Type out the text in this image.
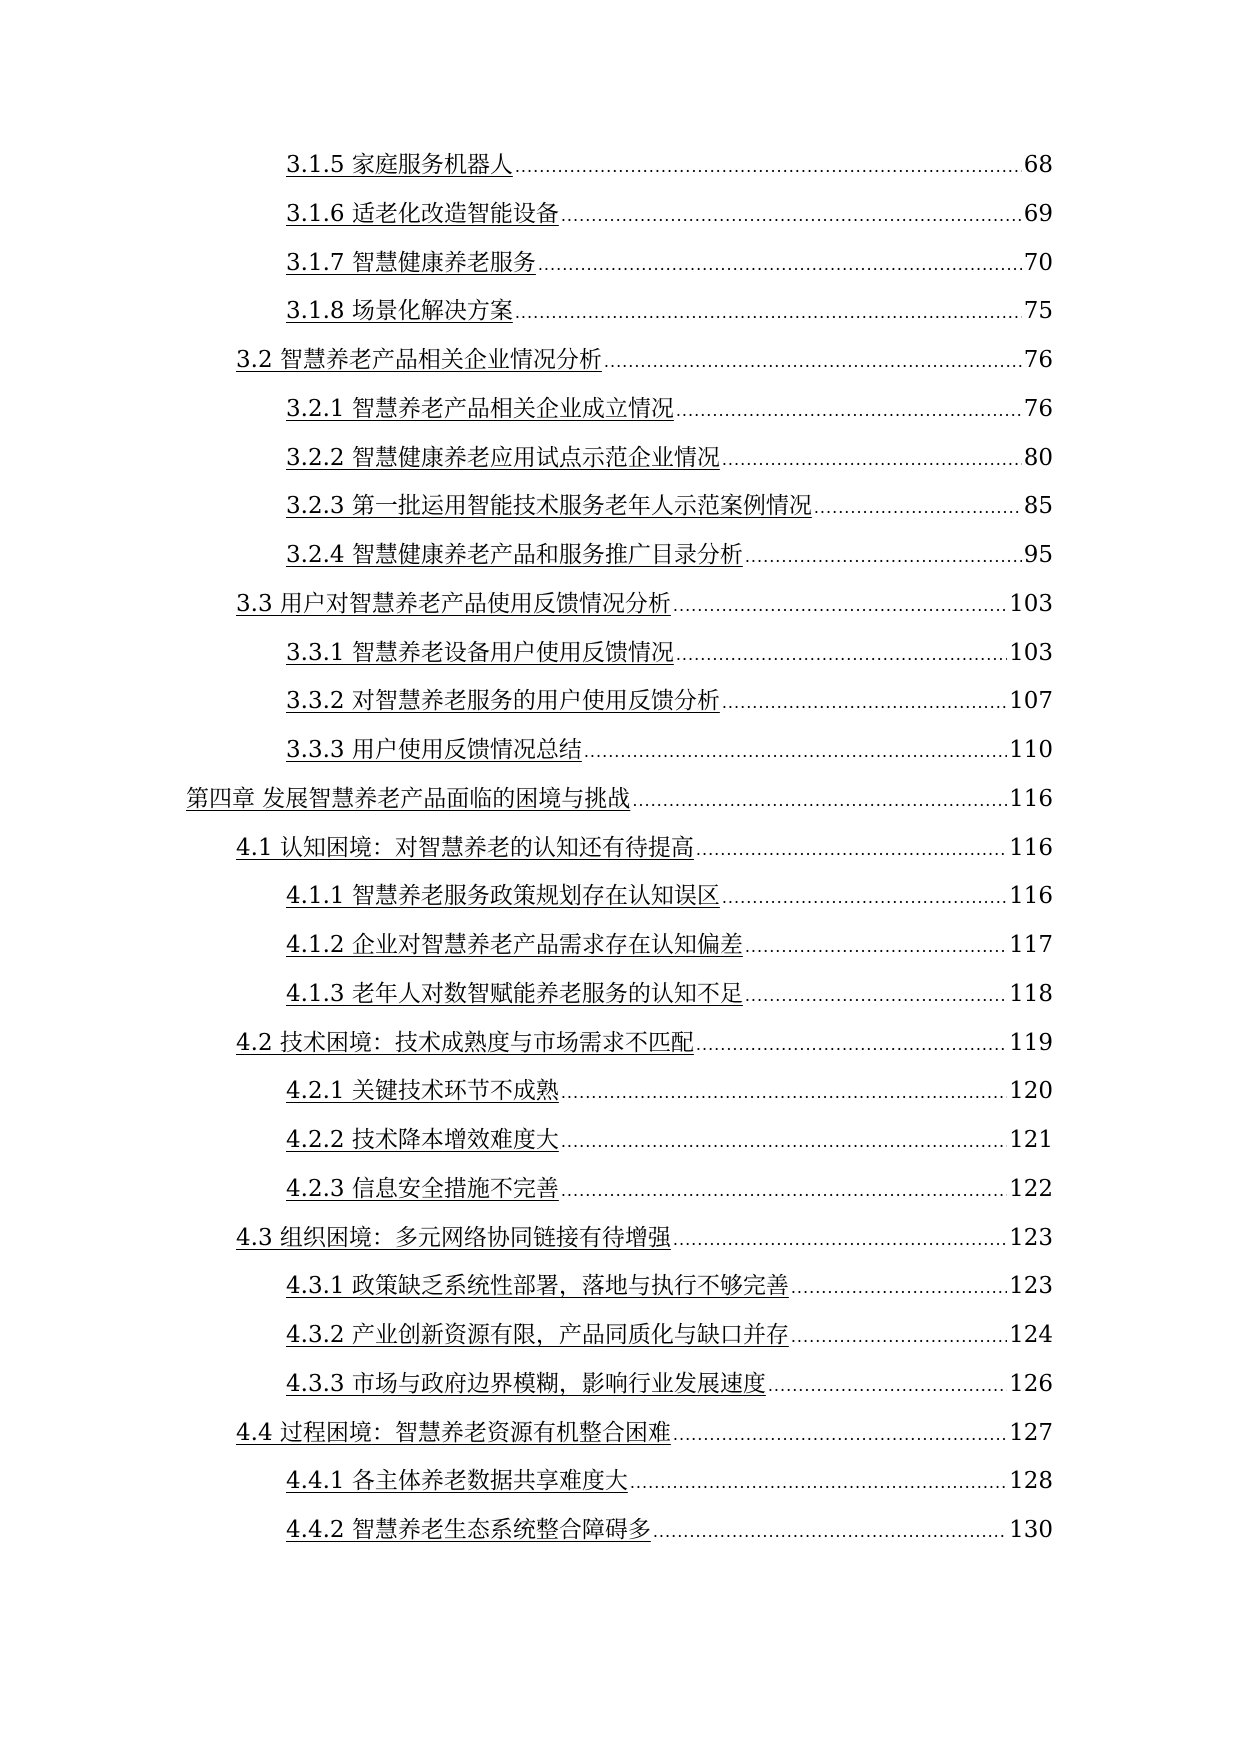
3.1.5 家庭服务机器人 .....	68
3.1.6 适老化改造智能设备 .....	69
3.1.7 智慧健康养老服务 .....	70
3.1.8 场景化解决方案 .....	75
3.2 智慧养老产品相关企业情况分析 .....	76
3.2.1 智慧养老产品相关企业成立情况 .....	76
3.2.2 智慧健康养老应用试点示范企业情况 .....	80
3.2.3 第一批运用智能技术服务老年人示范案例情况 .....	85
3.2.4 智慧健康养老产品和服务推广目录分析 .....	95
3.3 用户对智慧养老产品使用反馈情况分析 .....	103
3.3.1 智慧养老设备用户使用反馈情况 .....	103
3.3.2 对智慧养老服务的用户使用反馈分析 .....	107
3.3.3 用户使用反馈情况总结 .....	110
第四章 发展智慧养老产品面临的困境与挑战 .....	116
4.1 认知困境：对智慧养老的认知还有待提高 .....	116
4.1.1 智慧养老服务政策规划存在认知误区 .....	116
4.1.2 企业对智慧养老产品需求存在认知偏差 .....	117
4.1.3 老年人对数智赋能养老服务的认知不足 .....	118
4.2 技术困境：技术成熟度与市场需求不匹配 .....	119
4.2.1 关键技术环节不成熟 .....	120
4.2.2 技术降本增效难度大 .....	121
4.2.3 信息安全措施不完善 .....	122
4.3 组织困境：多元网络协同链接有待增强 .....	123
4.3.1 政策缺乏系统性部署，落地与执行不够完善 .....	123
4.3.2 产业创新资源有限，产品同质化与缺口并存 .....	124
4.3.3 市场与政府边界模糊，影响行业发展速度 .....	126
4.4 过程困境：智慧养老资源有机整合困难 .....	127
4.4.1 各主体养老数据共享难度大 .....	128
4.4.2 智慧养老生态系统整合障碍多 .....	130
